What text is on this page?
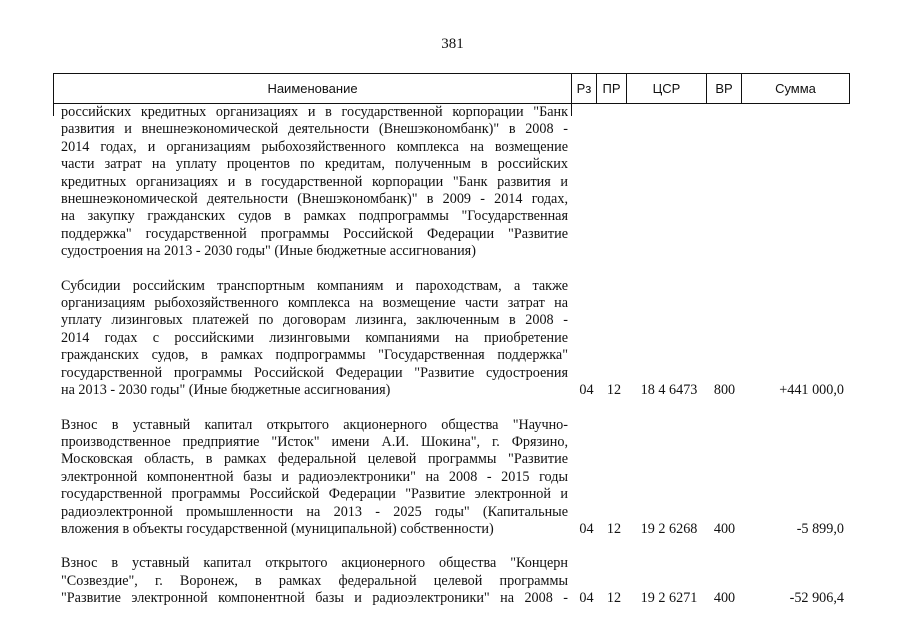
381
Наименование	Рз ПР	ЦСР	ВР	Сумма
российских кредитных организациях и в государственной корпорации "Банк
развития и внешнеэкономической деятельности (Внешэкономбанк)" в 2008 -
2014 годах, и организациям рыбохозяйственного комплекса на возмещение
части затрат на уплату процентов по кредитам, полученным в российских
кредитных организациях и в государственной корпорации "Банк развития и
внешнеэкономической деятельности (Внешэкономбанк)" в 2009 - 2014 годах,
на закупку гражданских судов в рамках подпрограммы "Государственная
поддержка" государственной программы Российской Федерации "Развитие
судостроения на 2013 - 2030 годы" (Иные бюджетные ассигнования)
Субсидии российским транспортным компаниям и пароходствам, а также
организациям рыбохозяйственного комплекса на возмещение части затрат на
уплату лизинговых платежей по договорам лизинга, заключенным в 2008 -
2014 годах с российскими лизинговыми компаниями на приобретение
гражданских судов, в рамках подпрограммы "Государственная поддержка"
государственной программы Российской Федерации "Развитие судостроения
на 2013 - 2030 годы" (Иные бюджетные ассигнования)	04 12	18 4 6473	800	+441 000,0
Взнос в уставный капитал открытого акционерного общества "Научно-
производственное предприятие "Исток" имени А.И. Шокина", г. Фрязино,
Московская область, в рамках федеральной целевой программы "Развитие
электронной компонентной базы и радиоэлектроники" на 2008 - 2015 годы
государственной программы Российской Федерации "Развитие электронной и
радиоэлектронной промышленности на 2013 - 2025 годы" (Капитальные
вложения в объекты государственной (муниципальной) собственности)	04 12	19 2 6268	400	-5 899,0
Взнос в уставный капитал открытого акционерного общества "Концерн
"Созвездие", г. Воронеж, в рамках федеральной целевой программы
"Развитие электронной компонентной базы и радиоэлектроники" на 2008 - 04 12	19 2 6271	400	-52 906,4
